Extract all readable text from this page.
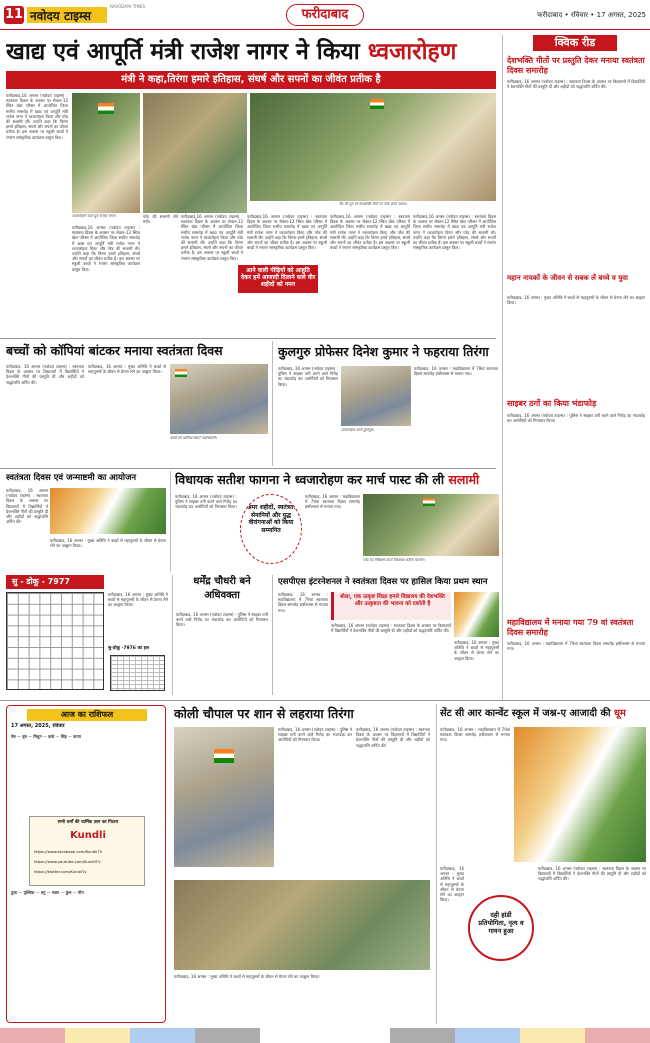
11 नवोदय टाइम्स
NAVODAYA TIMES
फरीदाबाद	फरीदाबाद • रविवार • 17 अगस्त, 2025
खाद्य एवं आपूर्ति मंत्री राजेश नागर ने किया ध्वजारोहण
मंत्री ने कहा,तिरंगा हमारे इतिहास, संघर्ष और सपनों का जीवंत प्रतीक है

फरीदाबाद,16 अगस्त (नवोदय टाइम्स) : स्वतंत्रता दिवस के अवसर पर सेक्टर-12 स्थित खेल परिसर में आयोजित जिला स्तरीय समारोह में खाद्य एवं आपूर्ति मंत्री राजेश नागर ने ध्वजारोहण किया और परेड की सलामी ली। उन्होंने कहा कि तिरंगा हमारे इतिहास, संघर्ष और सपनों का जीवंत प्रतीक है। इस अवसर पर स्कूली बच्चों ने रंगारंग सांस्कृतिक कार्यक्रम प्रस्तुत किए।

ध्वजारोहण करते हुए राजेश नागर।
बैंड की धुन पर देशभक्ति गीतों पर परेड करते जवान।

फरीदाबाद,16 अगस्त (नवोदय टाइम्स) : स्वतंत्रता दिवस के अवसर पर सेक्टर-12 स्थित खेल परिसर में आयोजित जिला स्तरीय समारोह में खाद्य एवं आपूर्ति मंत्री राजेश नागर ने ध्वजारोहण किया और परेड की सलामी ली। उन्होंने कहा कि तिरंगा हमारे इतिहास, संघर्ष और सपनों का जीवंत प्रतीक है। इस अवसर पर स्कूली बच्चों ने रंगारंग सांस्कृतिक कार्यक्रम प्रस्तुत किए।

परेड की सलामी लेते मंत्री।

फरीदाबाद,16 अगस्त (नवोदय टाइम्स) : स्वतंत्रता दिवस के अवसर पर सेक्टर-12 स्थित खेल परिसर में आयोजित जिला स्तरीय समारोह में खाद्य एवं आपूर्ति मंत्री राजेश नागर ने ध्वजारोहण किया और परेड की सलामी ली। उन्होंने कहा कि तिरंगा हमारे इतिहास, संघर्ष और सपनों का जीवंत प्रतीक है। इस अवसर पर स्कूली बच्चों ने रंगारंग सांस्कृतिक कार्यक्रम प्रस्तुत किए।

आने वाली पीढ़ियों को आहुति देकर हमें आजादी दिलाने वाले वीर शहीदों को नमन

फरीदाबाद,16 अगस्त (नवोदय टाइम्स) : स्वतंत्रता दिवस के अवसर पर सेक्टर-12 स्थित खेल परिसर में आयोजित जिला स्तरीय समारोह में खाद्य एवं आपूर्ति मंत्री राजेश नागर ने ध्वजारोहण किया और परेड की सलामी ली। उन्होंने कहा कि तिरंगा हमारे इतिहास, संघर्ष और सपनों का जीवंत प्रतीक है। इस अवसर पर स्कूली बच्चों ने रंगारंग सांस्कृतिक कार्यक्रम प्रस्तुत किए।

फरीदाबाद,16 अगस्त (नवोदय टाइम्स) : स्वतंत्रता दिवस के अवसर पर सेक्टर-12 स्थित खेल परिसर में आयोजित जिला स्तरीय समारोह में खाद्य एवं आपूर्ति मंत्री राजेश नागर ने ध्वजारोहण किया और परेड की सलामी ली। उन्होंने कहा कि तिरंगा हमारे इतिहास, संघर्ष और सपनों का जीवंत प्रतीक है। इस अवसर पर स्कूली बच्चों ने रंगारंग सांस्कृतिक कार्यक्रम प्रस्तुत किए।

फरीदाबाद,16 अगस्त (नवोदय टाइम्स) : स्वतंत्रता दिवस के अवसर पर सेक्टर-12 स्थित खेल परिसर में आयोजित जिला स्तरीय समारोह में खाद्य एवं आपूर्ति मंत्री राजेश नागर ने ध्वजारोहण किया और परेड की सलामी ली। उन्होंने कहा कि तिरंगा हमारे इतिहास, संघर्ष और सपनों का जीवंत प्रतीक है। इस अवसर पर स्कूली बच्चों ने रंगारंग सांस्कृतिक कार्यक्रम प्रस्तुत किए।

क्विक रीड
देशभक्ति गीतों पर प्रस्तुति देकर मनाया स्वतंत्रता दिवस समारोह
फरीदाबाद, 16 अगस्त (नवोदय टाइम्स) : स्वतंत्रता दिवस के अवसर पर विद्यालयों में विद्यार्थियों ने देशभक्ति गीतों की प्रस्तुति दी और शहीदों को श्रद्धांजलि अर्पित की।
महान नायकों के जीवन से सबक लें बच्चे व युवा
फरीदाबाद, 16 अगस्त : मुख्य अतिथि ने बच्चों से महापुरुषों के जीवन से प्रेरणा लेने का आह्वान किया।
साइबर ठगों का किया भंडाफोड़
फरीदाबाद, 16 अगस्त (नवोदय टाइम्स) : पुलिस ने साइबर ठगी करने वाले गिरोह का भंडाफोड़ कर आरोपियों को गिरफ्तार किया।
महाविद्यालय में मनाया गया 79 वां स्वतंत्रता दिवस समारोह
फरीदाबाद, 16 अगस्त : महाविद्यालय में 79वां स्वतंत्रता दिवस समारोह हर्षोल्लास से मनाया गया।
बच्चों को कॉपियां बांटकर मनाया स्वतंत्रता दिवस

फरीदाबाद, 16 अगस्त (नवोदय टाइम्स) : स्वतंत्रता दिवस के अवसर पर विद्यालयों में विद्यार्थियों ने देशभक्ति गीतों की प्रस्तुति दी और शहीदों को श्रद्धांजलि अर्पित की।

फरीदाबाद, 16 अगस्त : मुख्य अतिथि ने बच्चों से महापुरुषों के जीवन से प्रेरणा लेने का आह्वान किया।

बच्चों को कॉपियां बांटते पदाधिकारी।
कुलगुरु प्रोफेसर दिनेश कुमार ने फहराया तिरंगा

फरीदाबाद, 16 अगस्त (नवोदय टाइम्स) : पुलिस ने साइबर ठगी करने वाले गिरोह का भंडाफोड़ कर आरोपियों को गिरफ्तार किया।

ध्वजारोहण करते कुलगुरु।

फरीदाबाद, 16 अगस्त : महाविद्यालय में 79वां स्वतंत्रता दिवस समारोह हर्षोल्लास से मनाया गया।

स्वतंत्रता दिवस एवं जन्माष्टमी का आयोजन

फरीदाबाद, 16 अगस्त (नवोदय टाइम्स) : स्वतंत्रता दिवस के अवसर पर विद्यालयों में विद्यार्थियों ने देशभक्ति गीतों की प्रस्तुति दी और शहीदों को श्रद्धांजलि अर्पित की।

फरीदाबाद, 16 अगस्त : मुख्य अतिथि ने बच्चों से महापुरुषों के जीवन से प्रेरणा लेने का आह्वान किया।

विधायक सतीश फागना ने ध्वजारोहण कर मार्च पास्ट की ली सलामी

फरीदाबाद, 16 अगस्त (नवोदय टाइम्स) : पुलिस ने साइबर ठगी करने वाले गिरोह का भंडाफोड़ कर आरोपियों को गिरफ्तार किया।	अमर शहीदों, स्वतंत्रता सेनानियों और युद्ध वीरांगनाओं को किया सम्मानित

फरीदाबाद, 16 अगस्त : महाविद्यालय में 79वां स्वतंत्रता दिवस समारोह हर्षोल्लास से मनाया गया।

परेड का निरीक्षण करते विधायक सतीश फागना।
सु - डोकू - 7977

फरीदाबाद, 16 अगस्त : मुख्य अतिथि ने बच्चों से महापुरुषों के जीवन से प्रेरणा लेने का आह्वान किया।

सु-डोकू -7976 का हल
धर्मेंद्र चौधरी बने अधिवक्ता

फरीदाबाद, 16 अगस्त (नवोदय टाइम्स) : पुलिस ने साइबर ठगी करने वाले गिरोह का भंडाफोड़ कर आरोपियों को गिरफ्तार किया।

एसपीएस इंटरनेशनल ने स्वतंत्रता दिवस पर हासिल किया प्रथम स्थान

फरीदाबाद, 16 अगस्त : महाविद्यालय में 79वां स्वतंत्रता दिवस समारोह हर्षोल्लास से मनाया गया।

बोला, एक उत्कृष्ट शिक्षा हमारे विद्यालय की देशभक्ति और उत्कृष्टता की भावना को दर्शाती है

फरीदाबाद, 16 अगस्त (नवोदय टाइम्स) : स्वतंत्रता दिवस के अवसर पर विद्यालयों में विद्यार्थियों ने देशभक्ति गीतों की प्रस्तुति दी और शहीदों को श्रद्धांजलि अर्पित की।

फरीदाबाद, 16 अगस्त : मुख्य अतिथि ने बच्चों से महापुरुषों के जीवन से प्रेरणा लेने का आह्वान किया।

आज का राशिफल
17 अगस्त, 2025, रविवार
मेष — वृष — मिथुन — कर्क — सिंह — कन्या
सभी धर्मों की धार्मिक ज्ञान का पिटारा
Kundli
https://www.facebook.com/KundliTV
https://www.youtube.com/KundliTV
https://twitter.com/KundliTv
तुला — वृश्चिक — धनु — मकर — कुंभ — मीन
कोली चौपाल पर शान से लहराया तिरंगा

फरीदाबाद, 16 अगस्त (नवोदय टाइम्स) : पुलिस ने साइबर ठगी करने वाले गिरोह का भंडाफोड़ कर आरोपियों को गिरफ्तार किया।

फरीदाबाद, 16 अगस्त (नवोदय टाइम्स) : स्वतंत्रता दिवस के अवसर पर विद्यालयों में विद्यार्थियों ने देशभक्ति गीतों की प्रस्तुति दी और शहीदों को श्रद्धांजलि अर्पित की।

फरीदाबाद, 16 अगस्त : मुख्य अतिथि ने बच्चों से महापुरुषों के जीवन से प्रेरणा लेने का आह्वान किया।

सेंट सी आर कान्वेंट स्कूल में जश्न-ए आजादी की धूम

फरीदाबाद, 16 अगस्त : महाविद्यालय में 79वां स्वतंत्रता दिवस समारोह हर्षोल्लास से मनाया गया।

दही हांडी प्रतियोगिता, नृत्य व गायन हुआ

फरीदाबाद, 16 अगस्त (नवोदय टाइम्स) : स्वतंत्रता दिवस के अवसर पर विद्यालयों में विद्यार्थियों ने देशभक्ति गीतों की प्रस्तुति दी और शहीदों को श्रद्धांजलि अर्पित की।

फरीदाबाद, 16 अगस्त : मुख्य अतिथि ने बच्चों से महापुरुषों के जीवन से प्रेरणा लेने का आह्वान किया।
